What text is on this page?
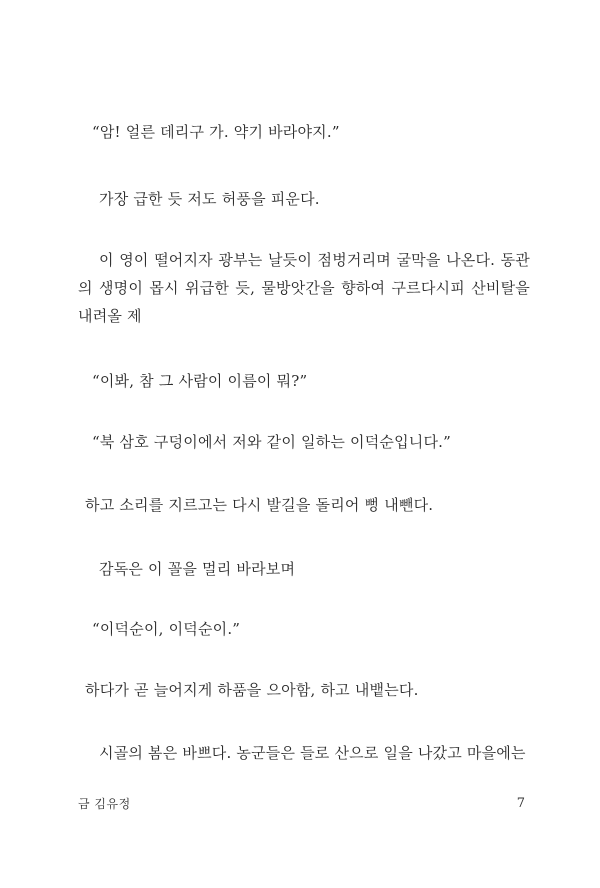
“암! 얼른 데리구 가. 약기 바라야지.”
가장 급한 듯 저도 허풍을 피운다.
이 영이 떨어지자 광부는 날듯이 점벙거리며 굴막을 나온다. 동관의 생명이 몹시 위급한 듯, 물방앗간을 향하여 구르다시피 산비탈을 내려올 제
“이봐, 참 그 사람이 이름이 뭐?”
“북 삼호 구덩이에서 저와 같이 일하는 이덕순입니다.”
하고 소리를 지르고는 다시 발길을 돌리어 뻥 내뺀다.
감독은 이 꼴을 멀리 바라보며
“이덕순이, 이덕순이.”
하다가 곧 늘어지게 하품을 으아함, 하고 내뱉는다.
시골의 봄은 바쁘다. 농군들은 들로 산으로 일을 나갔고 마을에는
금 김유정	7
